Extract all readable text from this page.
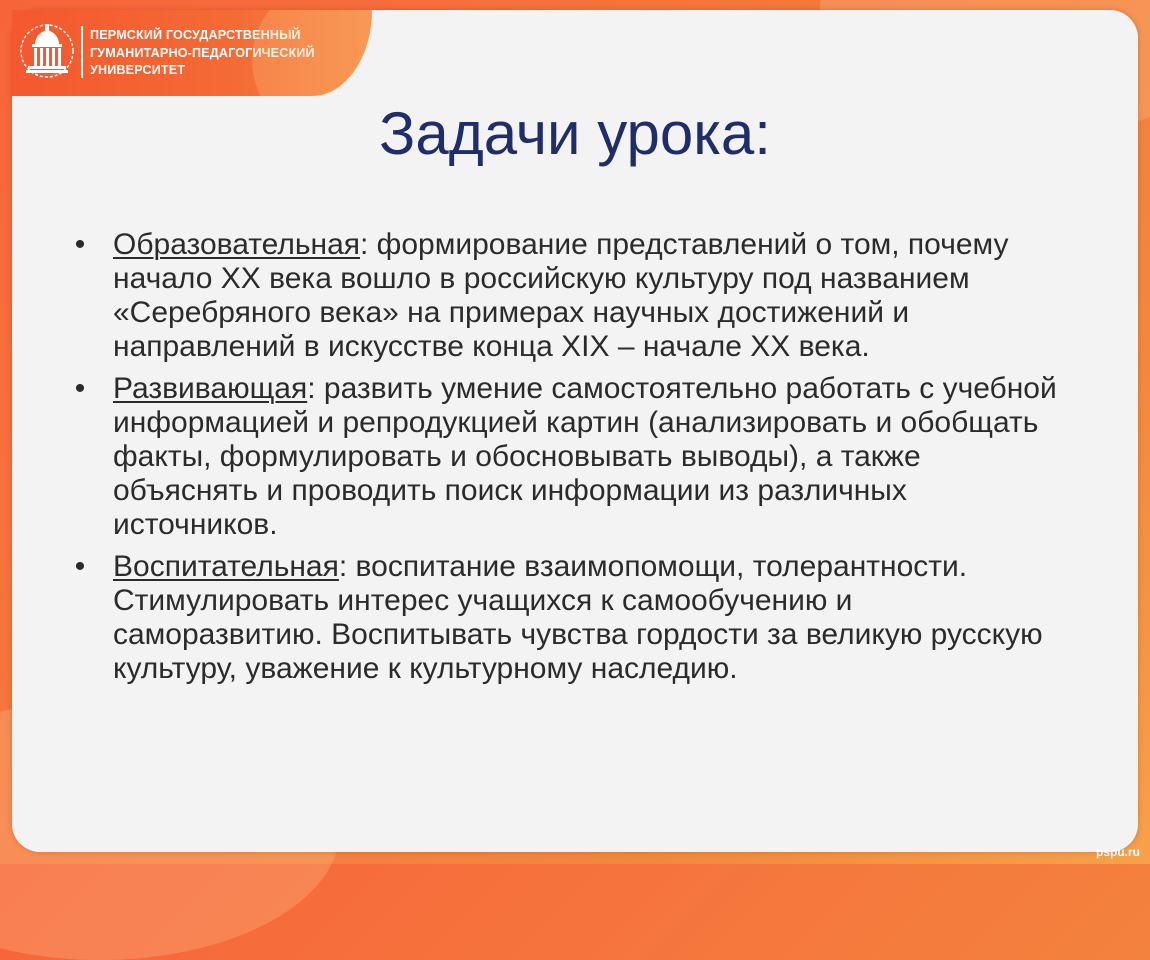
ПЕРМСКИЙ ГОСУДАРСТВЕННЫЙ
ГУМАНИТАРНО-ПЕДАГОГИЧЕСКИЙ
УНИВЕРСИТЕТ
Задачи урока:
• Образовательная: формирование представлений о том, почему начало ХХ века вошло в российскую культуру под названием «Серебряного века» на примерах научных достижений и направлений в искусстве конца XIX – начале XX века.
• Развивающая: развить умение самостоятельно работать с учебной информацией и репродукцией картин (анализировать и обобщать факты, формулировать и обосновывать выводы), а также объяснять и проводить поиск информации из различных источников.
• Воспитательная: воспитание взаимопомощи, толерантности. Стимулировать интерес учащихся к самообучению и саморазвитию. Воспитывать чувства гордости за великую русскую культуру, уважение к культурному наследию.
pspu.ru
